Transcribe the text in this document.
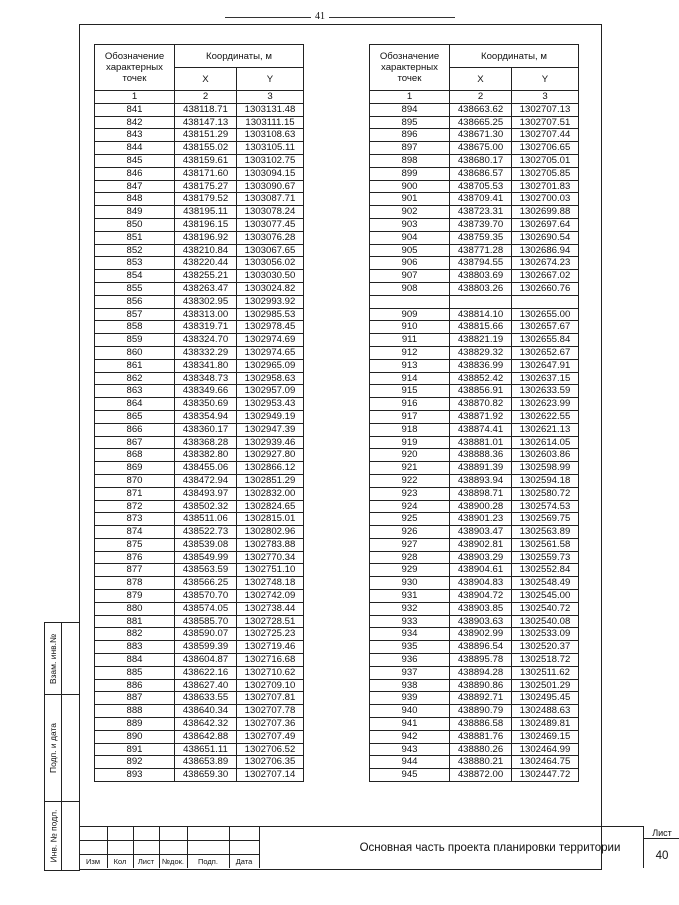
41
Обозначение характерных точек	Координаты, м	
	X	Y
1	2	3
841	438118.71	1303131.48
842	438147.13	1303111.15
843	438151.29	1303108.63
844	438155.02	1303105.11
845	438159.61	1303102.75
846	438171.60	1303094.15
847	438175.27	1303090.67
848	438179.52	1303087.71
849	438195.11	1303078.24
850	438196.15	1303077.45
851	438196.92	1303076.28
852	438210.84	1303067.65
853	438220.44	1303056.02
854	438255.21	1303030.50
855	438263.47	1303024.82
856	438302.95	1302993.92
857	438313.00	1302985.53
858	438319.71	1302978.45
859	438324.70	1302974.69
860	438332.29	1302974.65
861	438341.80	1302965.09
862	438348.73	1302958.63
863	438349.66	1302957.09
864	438350.69	1302953.43
865	438354.94	1302949.19
866	438360.17	1302947.39
867	438368.28	1302939.46
868	438382.80	1302927.80
869	438455.06	1302866.12
870	438472.94	1302851.29
871	438493.97	1302832.00
872	438502.32	1302824.65
873	438511.06	1302815.01
874	438522.73	1302802.96
875	438539.08	1302783.88
876	438549.99	1302770.34
877	438563.59	1302751.10
878	438566.25	1302748.18
879	438570.70	1302742.09
880	438574.05	1302738.44
881	438585.70	1302728.51
882	438590.07	1302725.23
883	438599.39	1302719.46
884	438604.87	1302716.68
885	438622.16	1302710.62
886	438627.40	1302709.10
887	438633.55	1302707.81
888	438640.34	1302707.78
889	438642.32	1302707.36
890	438642.88	1302707.49
891	438651.11	1302706.52
892	438653.89	1302706.35
893	438659.30	1302707.14
Обозначение характерных точек	Координаты, м	
	X	Y
1	2	3
894	438663.62	1302707.13
895	438665.25	1302707.51
896	438671.30	1302707.44
897	438675.00	1302706.65
898	438680.17	1302705.01
899	438686.57	1302705.85
900	438705.53	1302701.83
901	438709.41	1302700.03
902	438723.31	1302699.88
903	438739.70	1302697.64
904	438759.35	1302690.54
905	438771.28	1302686.94
906	438794.55	1302674.23
907	438803.69	1302667.02
908	438803.26	1302660.76

909	438814.10	1302655.00
910	438815.66	1302657.67
911	438821.19	1302655.84
912	438829.32	1302652.67
913	438836.99	1302647.91
914	438852.42	1302637.15
915	438856.91	1302633.59
916	438870.82	1302623.99
917	438871.92	1302622.55
918	438874.41	1302621.13
919	438881.01	1302614.05
920	438888.36	1302603.86
921	438891.39	1302598.99
922	438893.94	1302594.18
923	438898.71	1302580.72
924	438900.28	1302574.53
925	438901.23	1302569.75
926	438903.47	1302563.89
927	438902.81	1302561.58
928	438903.29	1302559.73
929	438904.61	1302552.84
930	438904.83	1302548.49
931	438904.72	1302545.00
932	438903.85	1302540.72
933	438903.63	1302540.08
934	438902.99	1302533.09
935	438896.54	1302520.37
936	438895.78	1302518.72
937	438894.28	1302511.62
938	438890.86	1302501.29
939	438892.71	1302495.45
940	438890.79	1302488.63
941	438886.58	1302489.81
942	438881.76	1302469.15
943	438880.26	1302464.99
944	438880.21	1302464.75
945	438872.00	1302447.72
Взам. инв.№
Подп. и дата
Инв. № подл.	Изм	Кол	Лист	№док.	Подп.	Дата
Основная часть проекта планировки территории
Лист
40
